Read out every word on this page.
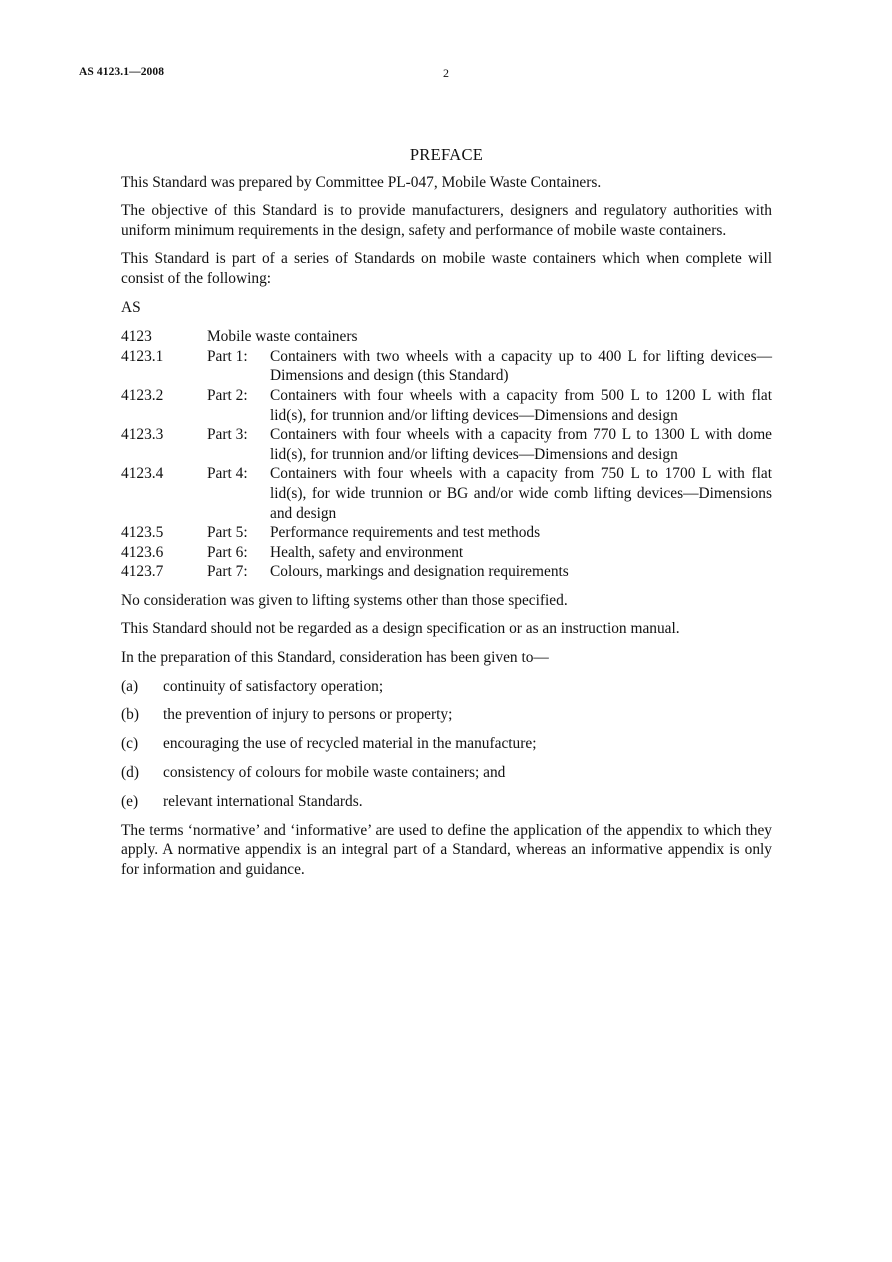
AS 4123.1—2008	2
PREFACE

This Standard was prepared by Committee PL-047, Mobile Waste Containers.

The objective of this Standard is to provide manufacturers, designers and regulatory authorities with uniform minimum requirements in the design, safety and performance of mobile waste containers.

This Standard is part of a series of Standards on mobile waste containers which when complete will consist of the following:

AS
4123	Mobile waste containers
4123.1	Part 1:	Containers with two wheels with a capacity up to 400 L for lifting devices—Dimensions and design (this Standard)
4123.2	Part 2:	Containers with four wheels with a capacity from 500 L to 1200 L with flat lid(s), for trunnion and/or lifting devices—Dimensions and design
4123.3	Part 3:	Containers with four wheels with a capacity from 770 L to 1300 L with dome lid(s), for trunnion and/or lifting devices—Dimensions and design
4123.4	Part 4:	Containers with four wheels with a capacity from 750 L to 1700 L with flat lid(s), for wide trunnion or BG and/or wide comb lifting devices—Dimensions and design
4123.5	Part 5:	Performance requirements and test methods
4123.6	Part 6:	Health, safety and environment
4123.7	Part 7:	Colours, markings and designation requirements

No consideration was given to lifting systems other than those specified.

This Standard should not be regarded as a design specification or as an instruction manual.

In the preparation of this Standard, consideration has been given to—
(a)	continuity of satisfactory operation;
(b)	the prevention of injury to persons or property;
(c)	encouraging the use of recycled material in the manufacture;
(d)	consistency of colours for mobile waste containers; and
(e)	relevant international Standards.

The terms ‘normative’ and ‘informative’ are used to define the application of the appendix to which they apply. A normative appendix is an integral part of a Standard, whereas an informative appendix is only for information and guidance.
